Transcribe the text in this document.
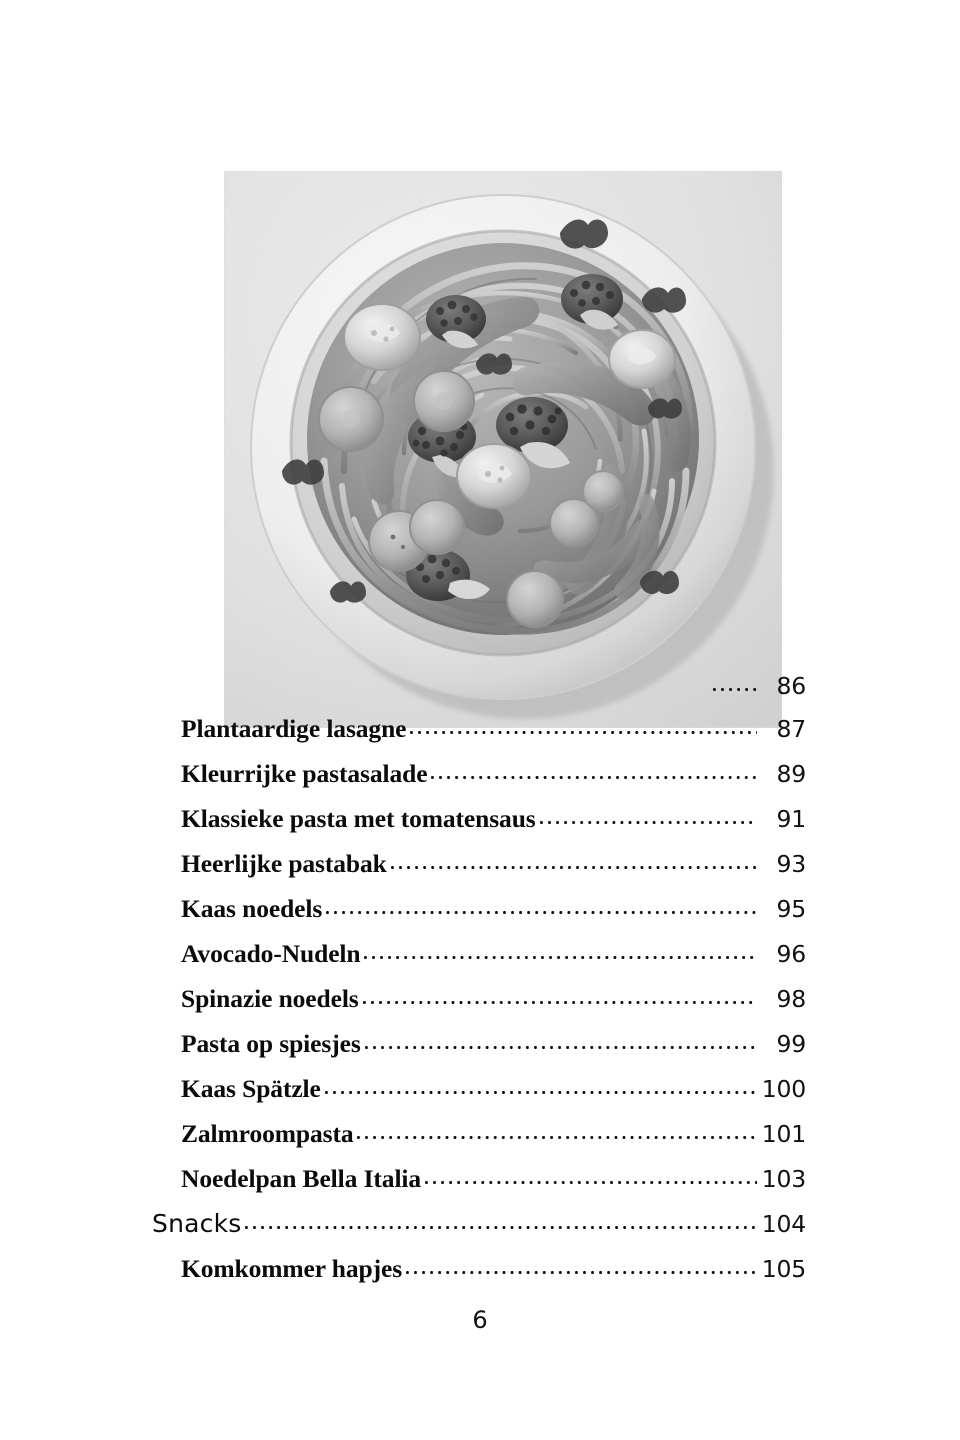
86
Plantaardige lasagne	87
Kleurrijke pastasalade	89
Klassieke pasta met tomatensaus	91
Heerlijke pastabak	93
Kaas noedels	95
Avocado-Nudeln	96
Spinazie noedels	98
Pasta op spiesjes	99
Kaas Spätzle	100
Zalmroompasta	101
Noedelpan Bella Italia	103
Snacks	104
Komkommer hapjes	105
6
